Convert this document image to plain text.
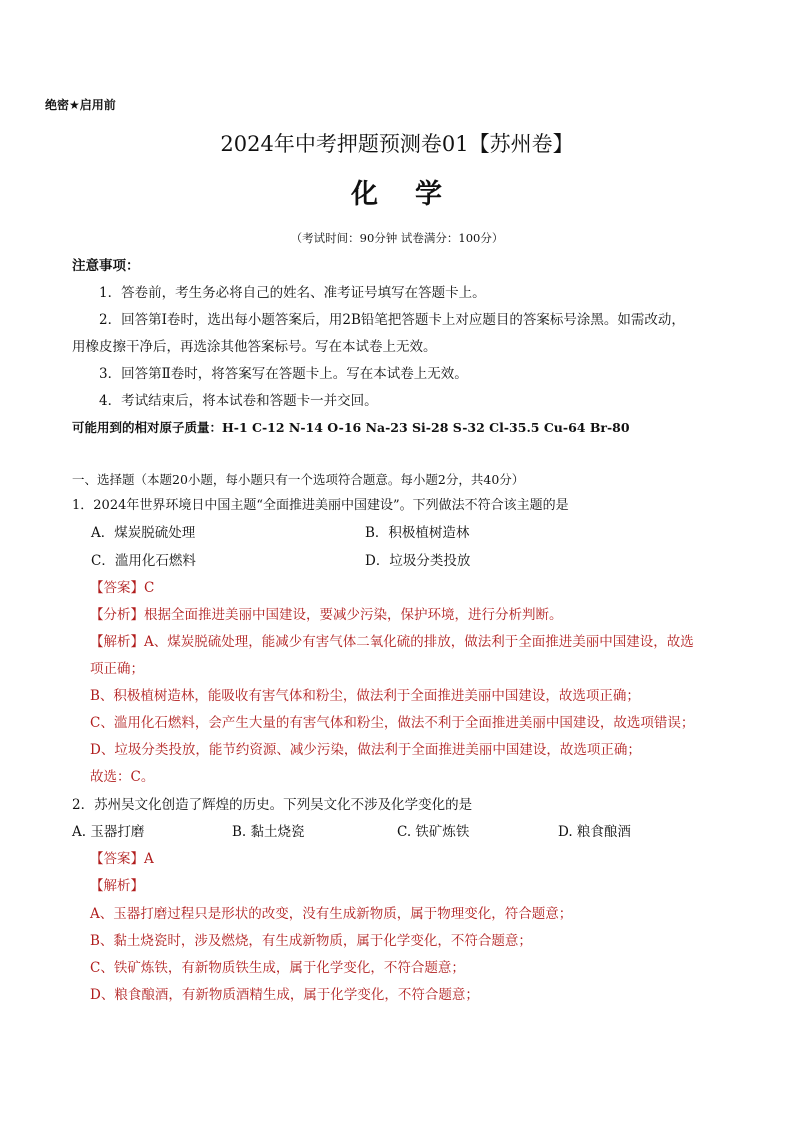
绝密★启用前
2024年中考押题预测卷01【苏州卷】
化 学
（考试时间：90分钟 试卷满分：100分）
注意事项：
1．答卷前，考生务必将自己的姓名、准考证号填写在答题卡上。
2．回答第Ⅰ卷时，选出每小题答案后，用2B铅笔把答题卡上对应题目的答案标号涂黑。如需改动，
用橡皮擦干净后，再选涂其他答案标号。写在本试卷上无效。
3．回答第Ⅱ卷时，将答案写在答题卡上。写在本试卷上无效。
4．考试结束后，将本试卷和答题卡一并交回。
可能用到的相对原子质量：H-1 C-12 N-14 O-16 Na-23 Si-28 S-32 Cl-35.5 Cu-64 Br-80
一、选择题（本题20小题，每小题只有一个选项符合题意。每小题2分，共40分）
1．2024年世界环境日中国主题“全面推进美丽中国建设”。下列做法不符合该主题的是
A．煤炭脱硫处理	B．积极植树造林
C．滥用化石燃料	D．垃圾分类投放
【答案】C
【分析】根据全面推进美丽中国建设，要减少污染，保护环境，进行分析判断。
【解析】A、煤炭脱硫处理，能减少有害气体二氧化硫的排放，做法利于全面推进美丽中国建设，故选
项正确；
B、积极植树造林，能吸收有害气体和粉尘，做法利于全面推进美丽中国建设，故选项正确；
C、滥用化石燃料，会产生大量的有害气体和粉尘，做法不利于全面推进美丽中国建设，故选项错误；
D、垃圾分类投放，能节约资源、减少污染，做法利于全面推进美丽中国建设，故选项正确；
故选：C。
2．苏州吴文化创造了辉煌的历史。下列吴文化不涉及化学变化的是
A. 玉器打磨	B. 黏土烧瓷	C. 铁矿炼铁	D. 粮食酿酒
【答案】A
【解析】
A、玉器打磨过程只是形状的改变，没有生成新物质，属于物理变化，符合题意；
B、黏土烧瓷时，涉及燃烧，有生成新物质，属于化学变化，不符合题意；
C、铁矿炼铁，有新物质铁生成，属于化学变化，不符合题意；
D、粮食酿酒，有新物质酒精生成，属于化学变化，不符合题意；
